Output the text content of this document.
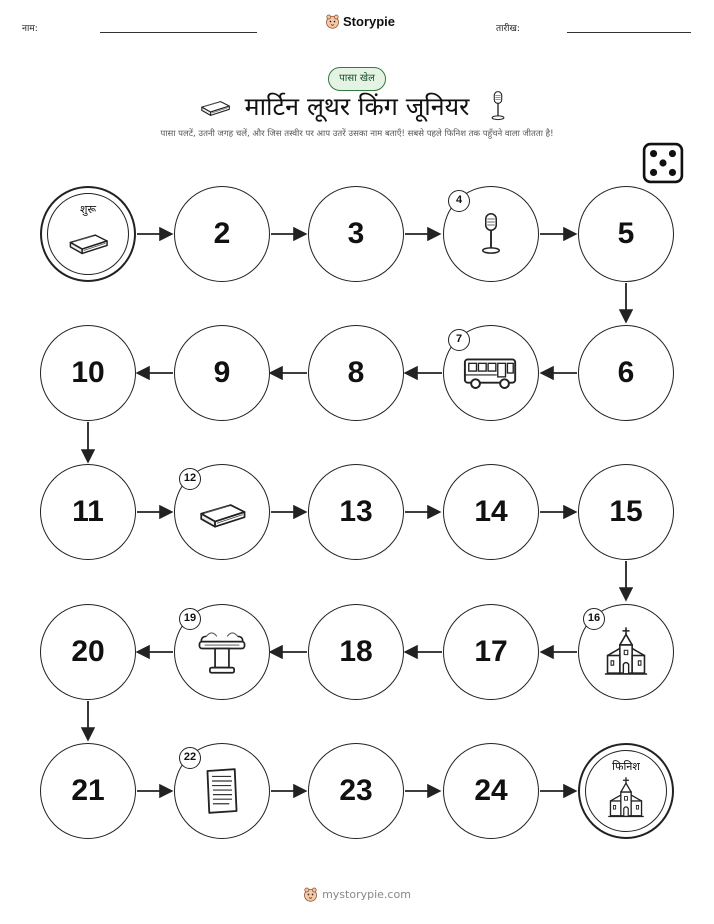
नाम:	Storypie	तारीख:
पासा खेल
मार्टिन लूथर किंग जूनियर
पासा पलटें, उतनी जगह चलें, और जिस तस्वीर पर आप उतरें उसका नाम बताएँ! सबसे पहले फिनिश तक पहुँचने वाला जीतता है!
शुरू
2	3
4
5
6
7
8
9
10
11
12
13	14	15
16
17
18
19
20
21
22
23	24
फिनिश
mystorypie.com
